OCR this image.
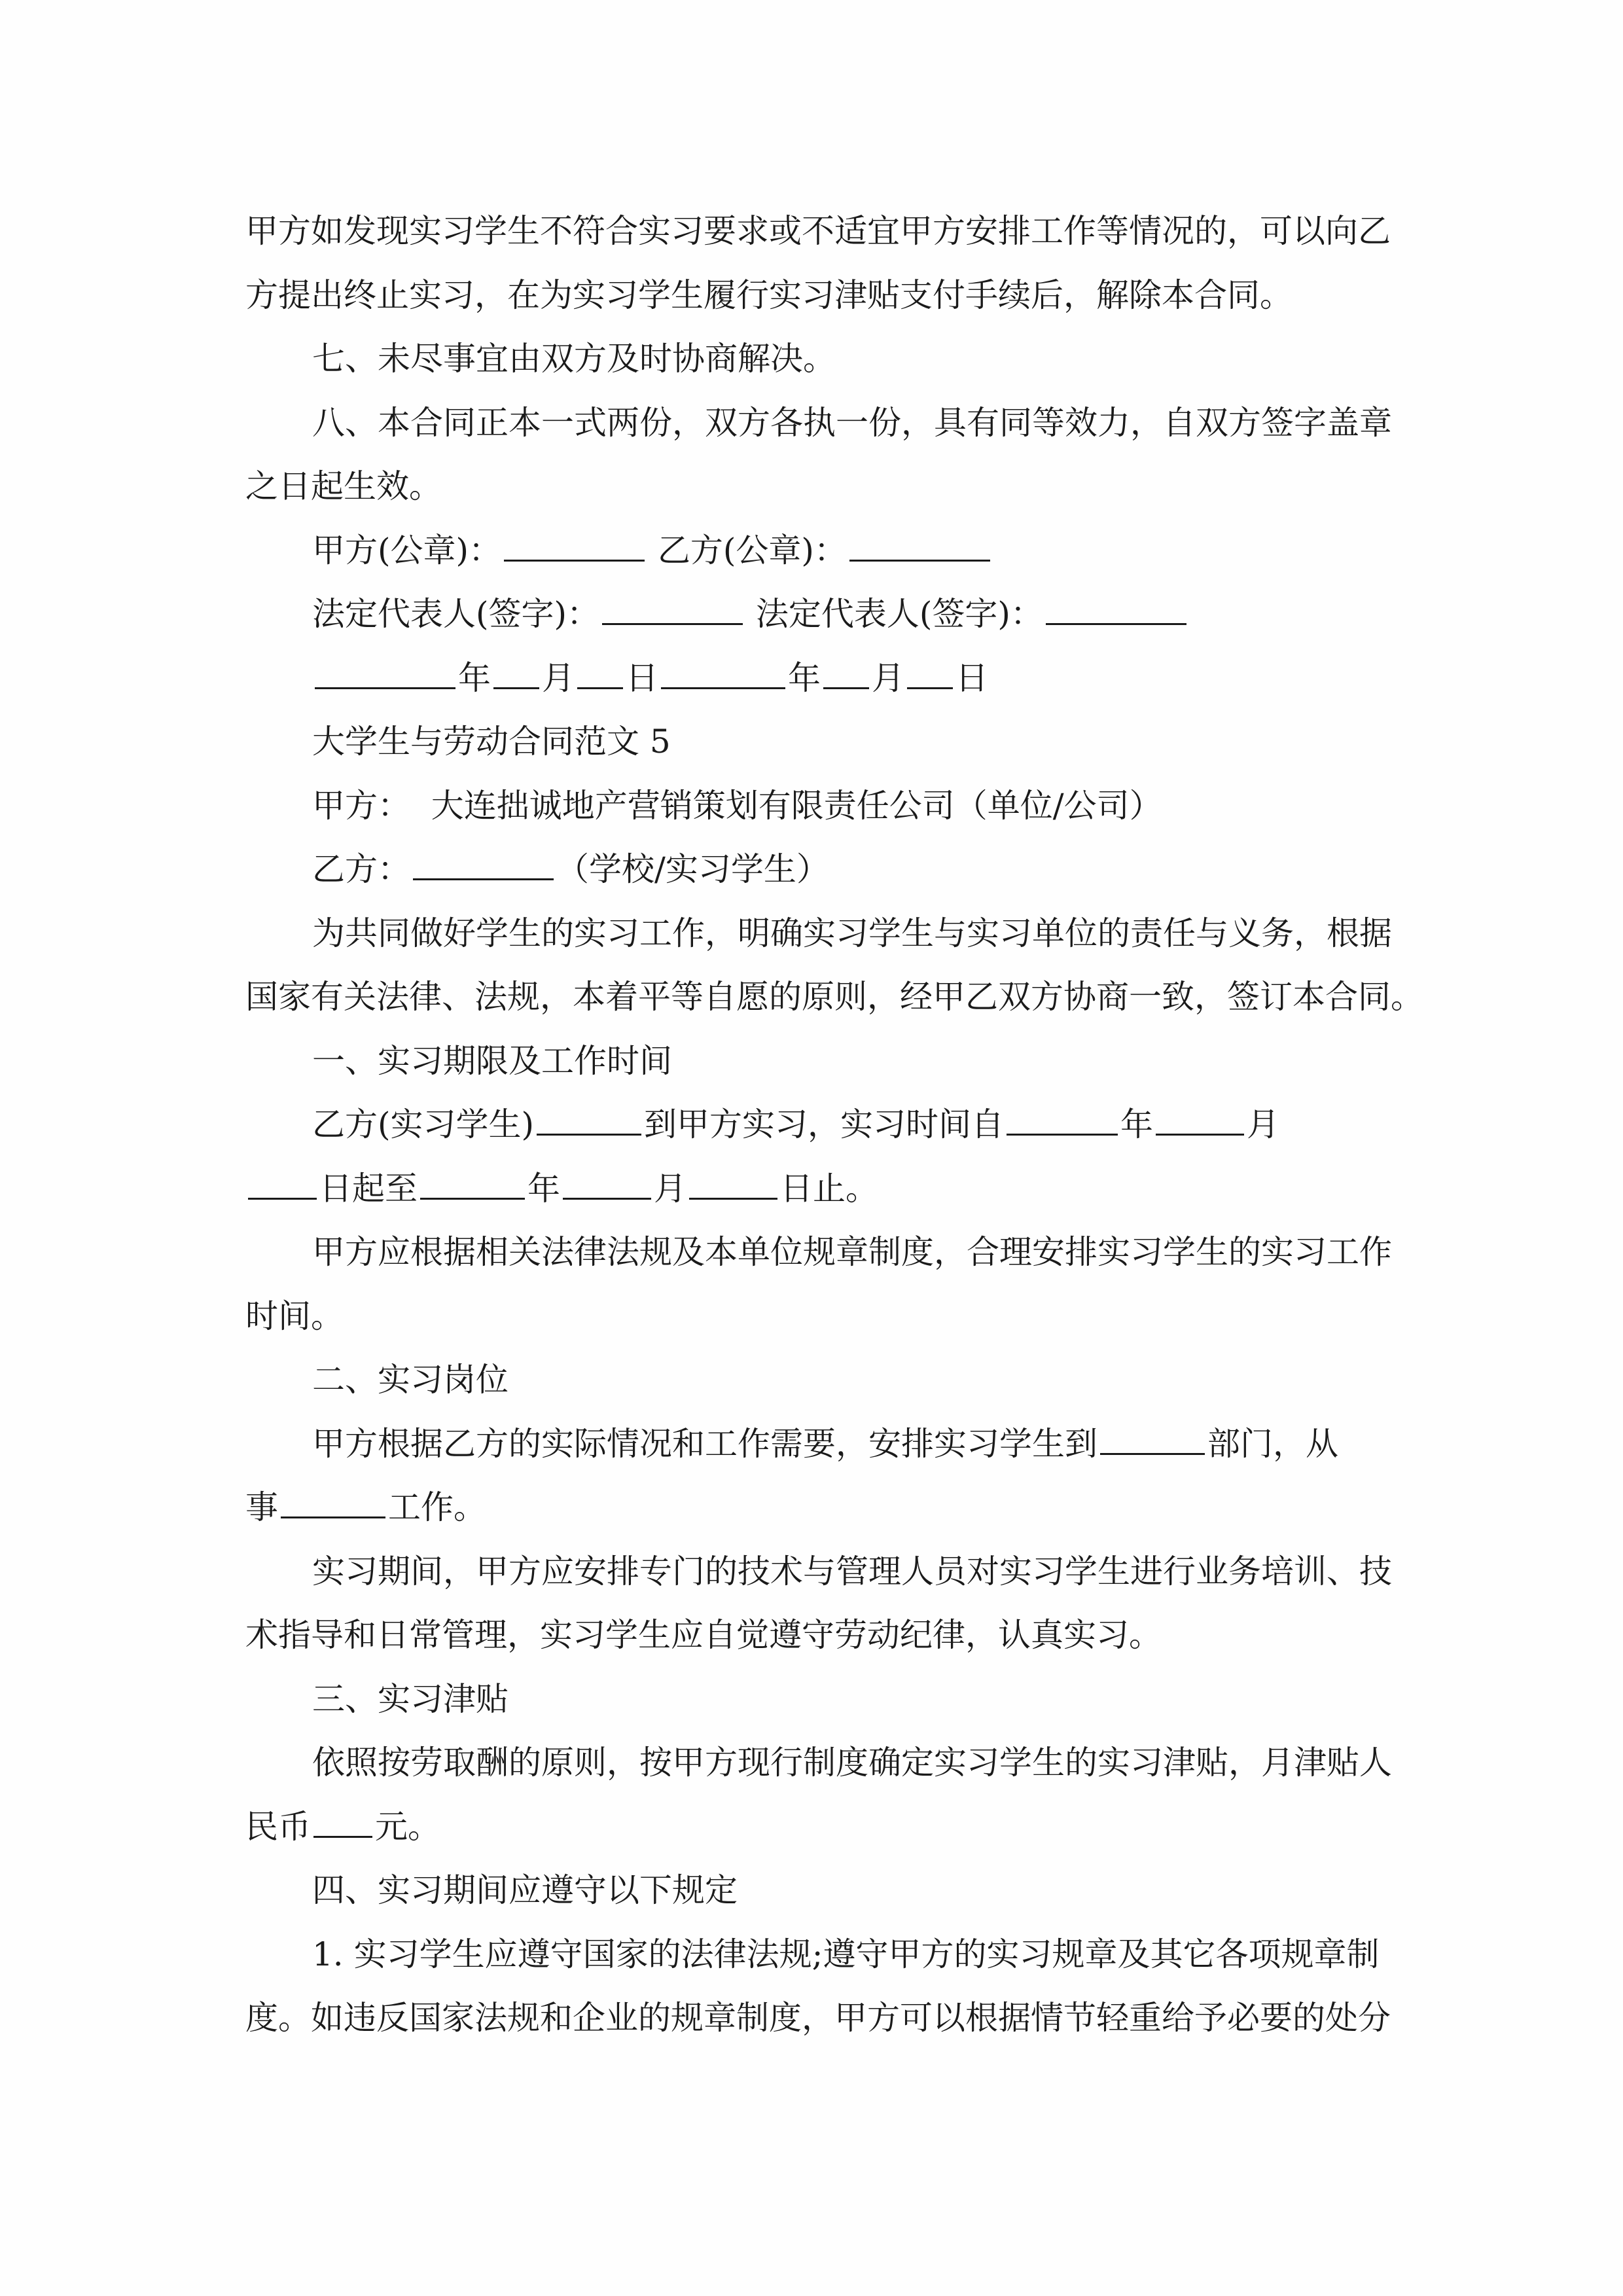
甲方如发现实习学生不符合实习要求或不适宜甲方安排工作等情况的，可以向乙
方提出终止实习，在为实习学生履行实习津贴支付手续后，解除本合同。
七、未尽事宜由双方及时协商解决。
八、本合同正本一式两份，双方各执一份，具有同等效力，自双方签字盖章
之日起生效。
甲方(公章)：	乙方(公章)：
法定代表人(签字)：	法定代表人(签字)：
年 月 日	年 月 日
大学生与劳动合同范文 5
甲方： 大连拙诚地产营销策划有限责任公司（单位/公司）
乙方：	（学校/实习学生）
为共同做好学生的实习工作，明确实习学生与实习单位的责任与义务，根据
国家有关法律、法规，本着平等自愿的原则，经甲乙双方协商一致，签订本合同。
一、实习期限及工作时间
乙方(实习学生)	到甲方实习，实习时间自	年	月
日起至	年	月	日止。
甲方应根据相关法律法规及本单位规章制度，合理安排实习学生的实习工作
时间。
二、实习岗位
甲方根据乙方的实际情况和工作需要，安排实习学生到	部门，从
事	工作。
实习期间，甲方应安排专门的技术与管理人员对实习学生进行业务培训、技
术指导和日常管理，实习学生应自觉遵守劳动纪律，认真实习。
三、实习津贴
依照按劳取酬的原则，按甲方现行制度确定实习学生的实习津贴，月津贴人
民币 元。
四、实习期间应遵守以下规定
1. 实习学生应遵守国家的法律法规;遵守甲方的实习规章及其它各项规章制
度。如违反国家法规和企业的规章制度，甲方可以根据情节轻重给予必要的处分
